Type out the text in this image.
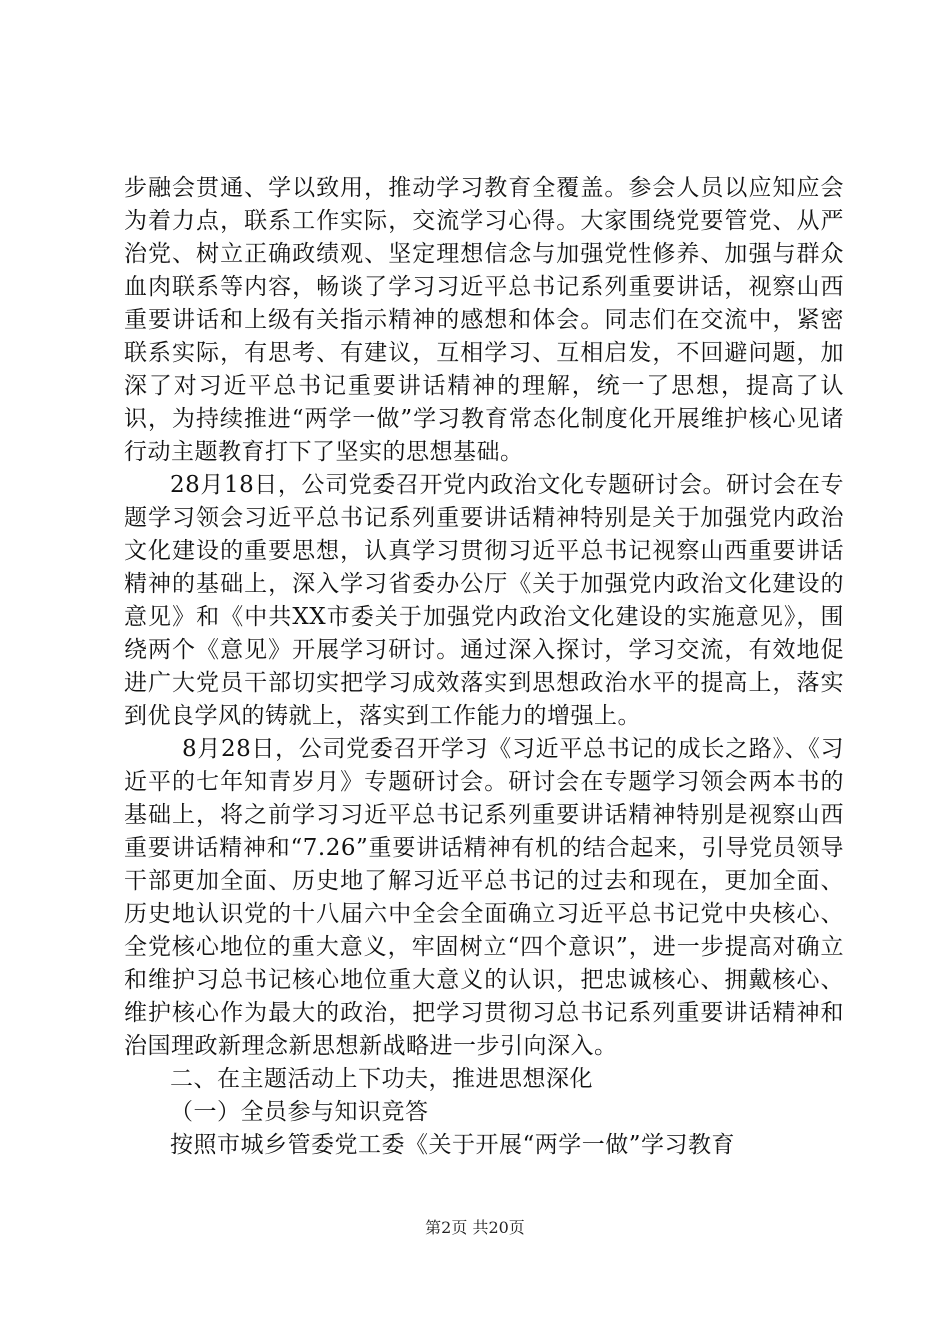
步融会贯通、学以致用，推动学习教育全覆盖。参会人员以应知应会为着力点，联系工作实际，交流学习心得。大家围绕党要管党、从严治党、树立正确政绩观、坚定理想信念与加强党性修养、加强与群众血肉联系等内容，畅谈了学习习近平总书记系列重要讲话，视察山西重要讲话和上级有关指示精神的感想和体会。同志们在交流中，紧密联系实际，有思考、有建议，互相学习、互相启发，不回避问题，加深了对习近平总书记重要讲话精神的理解，统一了思想，提高了认识，为持续推进“两学一做”学习教育常态化制度化开展维护核心见诸行动主题教育打下了坚实的思想基础。

28月18日，公司党委召开党内政治文化专题研讨会。研讨会在专题学习领会习近平总书记系列重要讲话精神特别是关于加强党内政治文化建设的重要思想，认真学习贯彻习近平总书记视察山西重要讲话精神的基础上，深入学习省委办公厅《关于加强党内政治文化建设的意见》和《中共XX市委关于加强党内政治文化建设的实施意见》，围绕两个《意见》开展学习研讨。通过深入探讨，学习交流，有效地促进广大党员干部切实把学习成效落实到思想政治水平的提高上，落实到优良学风的铸就上，落实到工作能力的增强上。

8月28日，公司党委召开学习《习近平总书记的成长之路》、《习近平的七年知青岁月》专题研讨会。研讨会在专题学习领会两本书的基础上，将之前学习习近平总书记系列重要讲话精神特别是视察山西重要讲话精神和“7.26”重要讲话精神有机的结合起来，引导党员领导干部更加全面、历史地了解习近平总书记的过去和现在，更加全面、历史地认识党的十八届六中全会全面确立习近平总书记党中央核心、全党核心地位的重大意义，牢固树立“四个意识”，进一步提高对确立和维护习总书记核心地位重大意义的认识，把忠诚核心、拥戴核心、维护核心作为最大的政治，把学习贯彻习总书记系列重要讲话精神和治国理政新理念新思想新战略进一步引向深入。

二、在主题活动上下功夫，推进思想深化

（一）全员参与知识竞答

按照市城乡管委党工委《关于开展“两学一做”学习教育

第2页 共20页
